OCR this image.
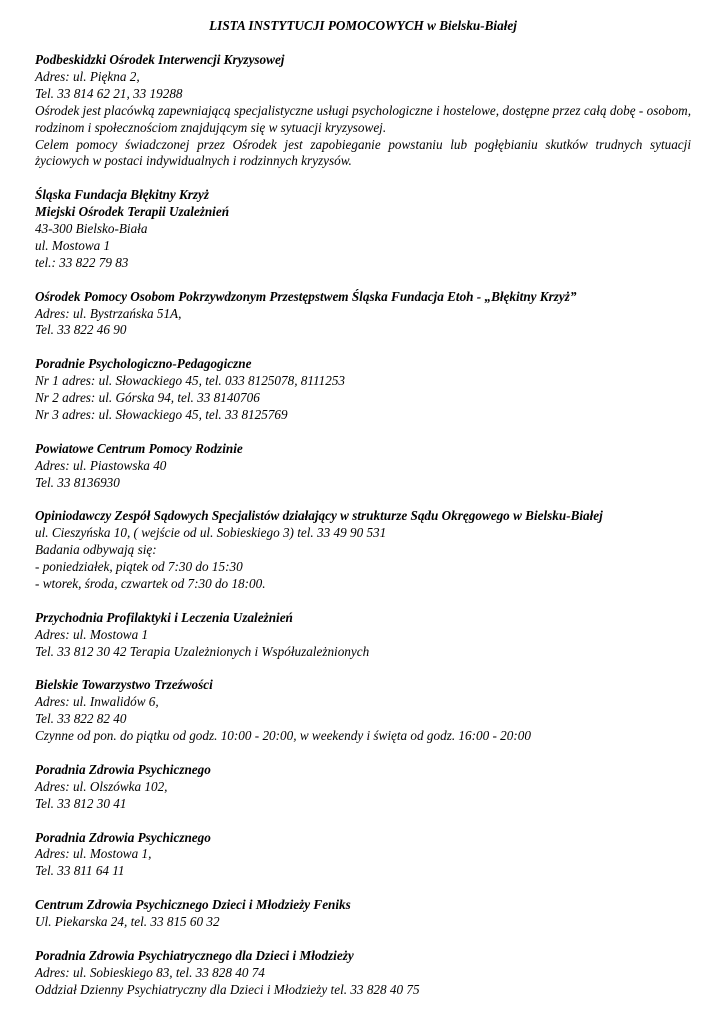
LISTA INSTYTUCJI POMOCOWYCH w Bielsku-Białej
Podbeskidzki Ośrodek Interwencji Kryzysowej
Adres: ul. Piękna 2,
Tel. 33 814 62 21, 33 19288
Ośrodek jest placówką zapewniającą specjalistyczne usługi psychologiczne i hostelowe, dostępne przez całą dobę - osobom, rodzinom i społecznościom znajdującym się w sytuacji kryzysowej.
Celem pomocy świadczonej przez Ośrodek jest zapobieganie powstaniu lub pogłębianiu skutków trudnych sytuacji życiowych w postaci indywidualnych i rodzinnych kryzysów.
Śląska Fundacja Błękitny Krzyż
Miejski Ośrodek Terapii Uzależnień
43-300 Bielsko-Biała
ul. Mostowa 1
tel.: 33 822 79 83
Ośrodek Pomocy Osobom Pokrzywdzonym Przestępstwem Śląska Fundacja Etoh - „Błękitny Krzyż”
Adres: ul. Bystrzańska 51A,
Tel. 33 822 46 90
Poradnie Psychologiczno-Pedagogiczne
Nr 1 adres: ul. Słowackiego 45, tel. 033 8125078, 8111253
Nr 2 adres: ul. Górska 94, tel. 33 8140706
Nr 3 adres: ul. Słowackiego 45, tel. 33 8125769
Powiatowe Centrum Pomocy Rodzinie
Adres: ul. Piastowska 40
Tel. 33 8136930
Opiniodawczy Zespół Sądowych Specjalistów działający w strukturze Sądu Okręgowego w Bielsku-Białej
ul. Cieszyńska 10, ( wejście od ul. Sobieskiego 3) tel. 33 49 90 531
Badania odbywają się:
- poniedziałek, piątek od 7:30 do 15:30
- wtorek, środa, czwartek od 7:30 do 18:00.
Przychodnia Profilaktyki i Leczenia Uzależnień
Adres: ul. Mostowa 1
Tel. 33 812 30 42 Terapia Uzależnionych i Współuzależnionych
Bielskie Towarzystwo Trzeźwości
Adres: ul. Inwalidów 6,
Tel. 33 822 82 40
Czynne od pon. do piątku od godz. 10:00 - 20:00, w weekendy i święta od godz. 16:00 - 20:00
Poradnia Zdrowia Psychicznego
Adres: ul. Olszówka 102,
Tel. 33 812 30 41
Poradnia Zdrowia Psychicznego
Adres: ul. Mostowa 1,
Tel. 33 811 64 11
Centrum Zdrowia Psychicznego Dzieci i Młodzieży Feniks
Ul. Piekarska 24, tel. 33 815 60 32
Poradnia Zdrowia Psychiatrycznego dla Dzieci i Młodzieży
Adres: ul. Sobieskiego 83, tel. 33 828 40 74
Oddział Dzienny Psychiatryczny dla Dzieci i Młodzieży tel. 33 828 40 75
